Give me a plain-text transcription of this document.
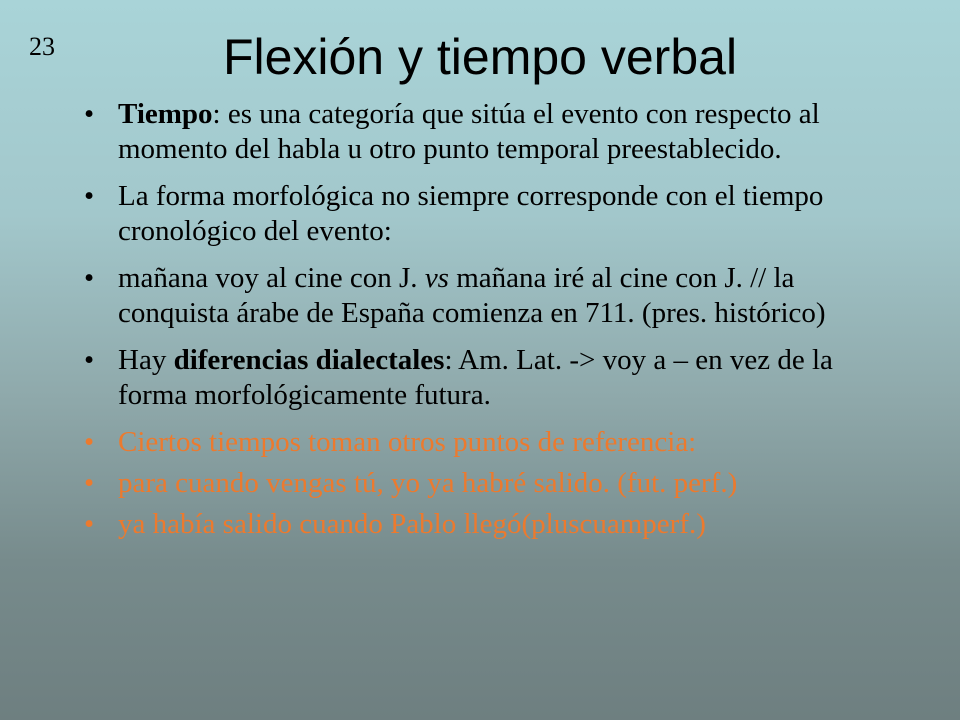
23	Flexión y tiempo verbal
• Tiempo: es una categoría que sitúa el evento con respecto al momento del habla u otro punto temporal preestablecido.
• La forma morfológica no siempre corresponde con el tiempo cronológico del evento:
• mañana voy al cine con J. vs mañana iré al cine con J. // la conquista árabe de España comienza en 711. (pres. histórico)
• Hay diferencias dialectales: Am. Lat. -> voy a – en vez de la forma morfológicamente futura.
• Ciertos tiempos toman otros puntos de referencia:
• para cuando vengas tú, yo ya habré salido. (fut. perf.)
• ya había salido cuando Pablo llegó(pluscuamperf.)
